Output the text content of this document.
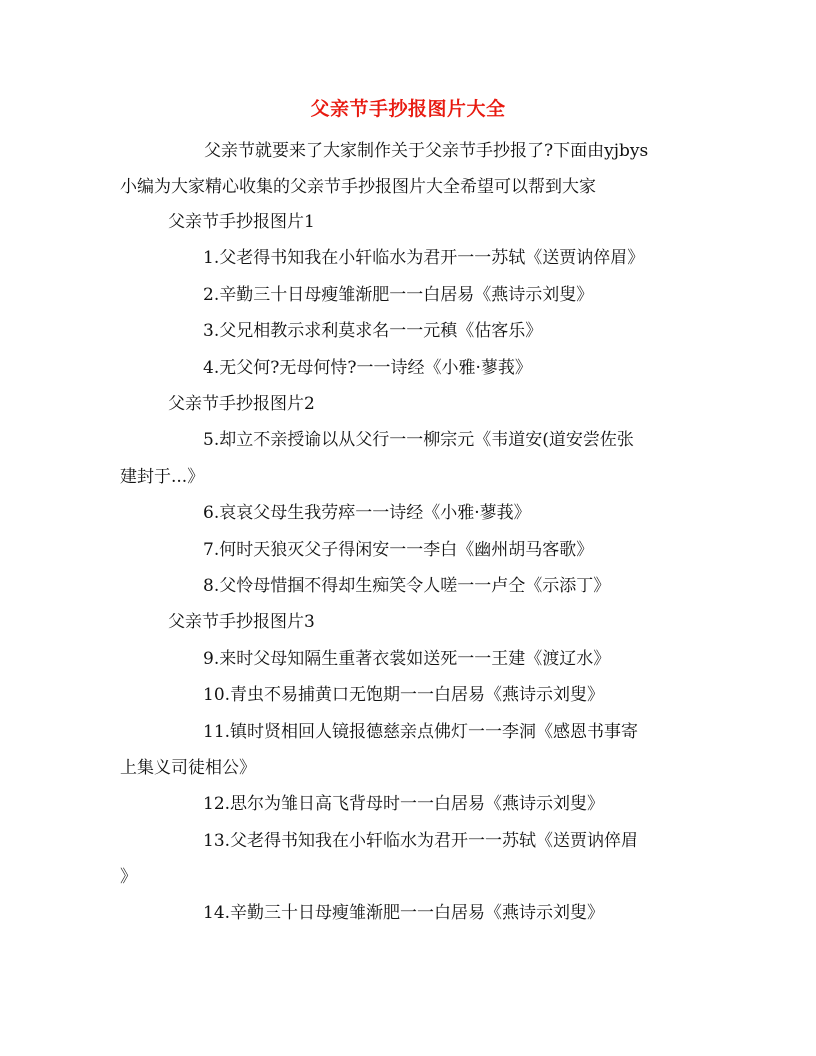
父亲节手抄报图片大全
父亲节就要来了大家制作关于父亲节手抄报了?下面由yjbys
小编为大家精心收集的父亲节手抄报图片大全希望可以帮到大家
父亲节手抄报图片1
1.父老得书知我在小轩临水为君开一一苏轼《送贾讷倅眉》
2.辛勤三十日母瘦雏渐肥一一白居易《燕诗示刘叟》
3.父兄相教示求利莫求名一一元稹《估客乐》
4.无父何?无母何恃?一一诗经《小雅·蓼莪》
父亲节手抄报图片2
5.却立不亲授谕以从父行一一柳宗元《韦道安(道安尝佐张
建封于...》
6.哀哀父母生我劳瘁一一诗经《小雅·蓼莪》
7.何时天狼灭父子得闲安一一李白《幽州胡马客歌》
8.父怜母惜掴不得却生痴笑令人嗟一一卢仝《示添丁》
父亲节手抄报图片3
9.来时父母知隔生重著衣裳如送死一一王建《渡辽水》
10.青虫不易捕黄口无饱期一一白居易《燕诗示刘叟》
11.镇时贤相回人镜报德慈亲点佛灯一一李洞《感恩书事寄
上集义司徒相公》
12.思尔为雏日高飞背母时一一白居易《燕诗示刘叟》
13.父老得书知我在小轩临水为君开一一苏轼《送贾讷倅眉
》
14.辛勤三十日母瘦雏渐肥一一白居易《燕诗示刘叟》
